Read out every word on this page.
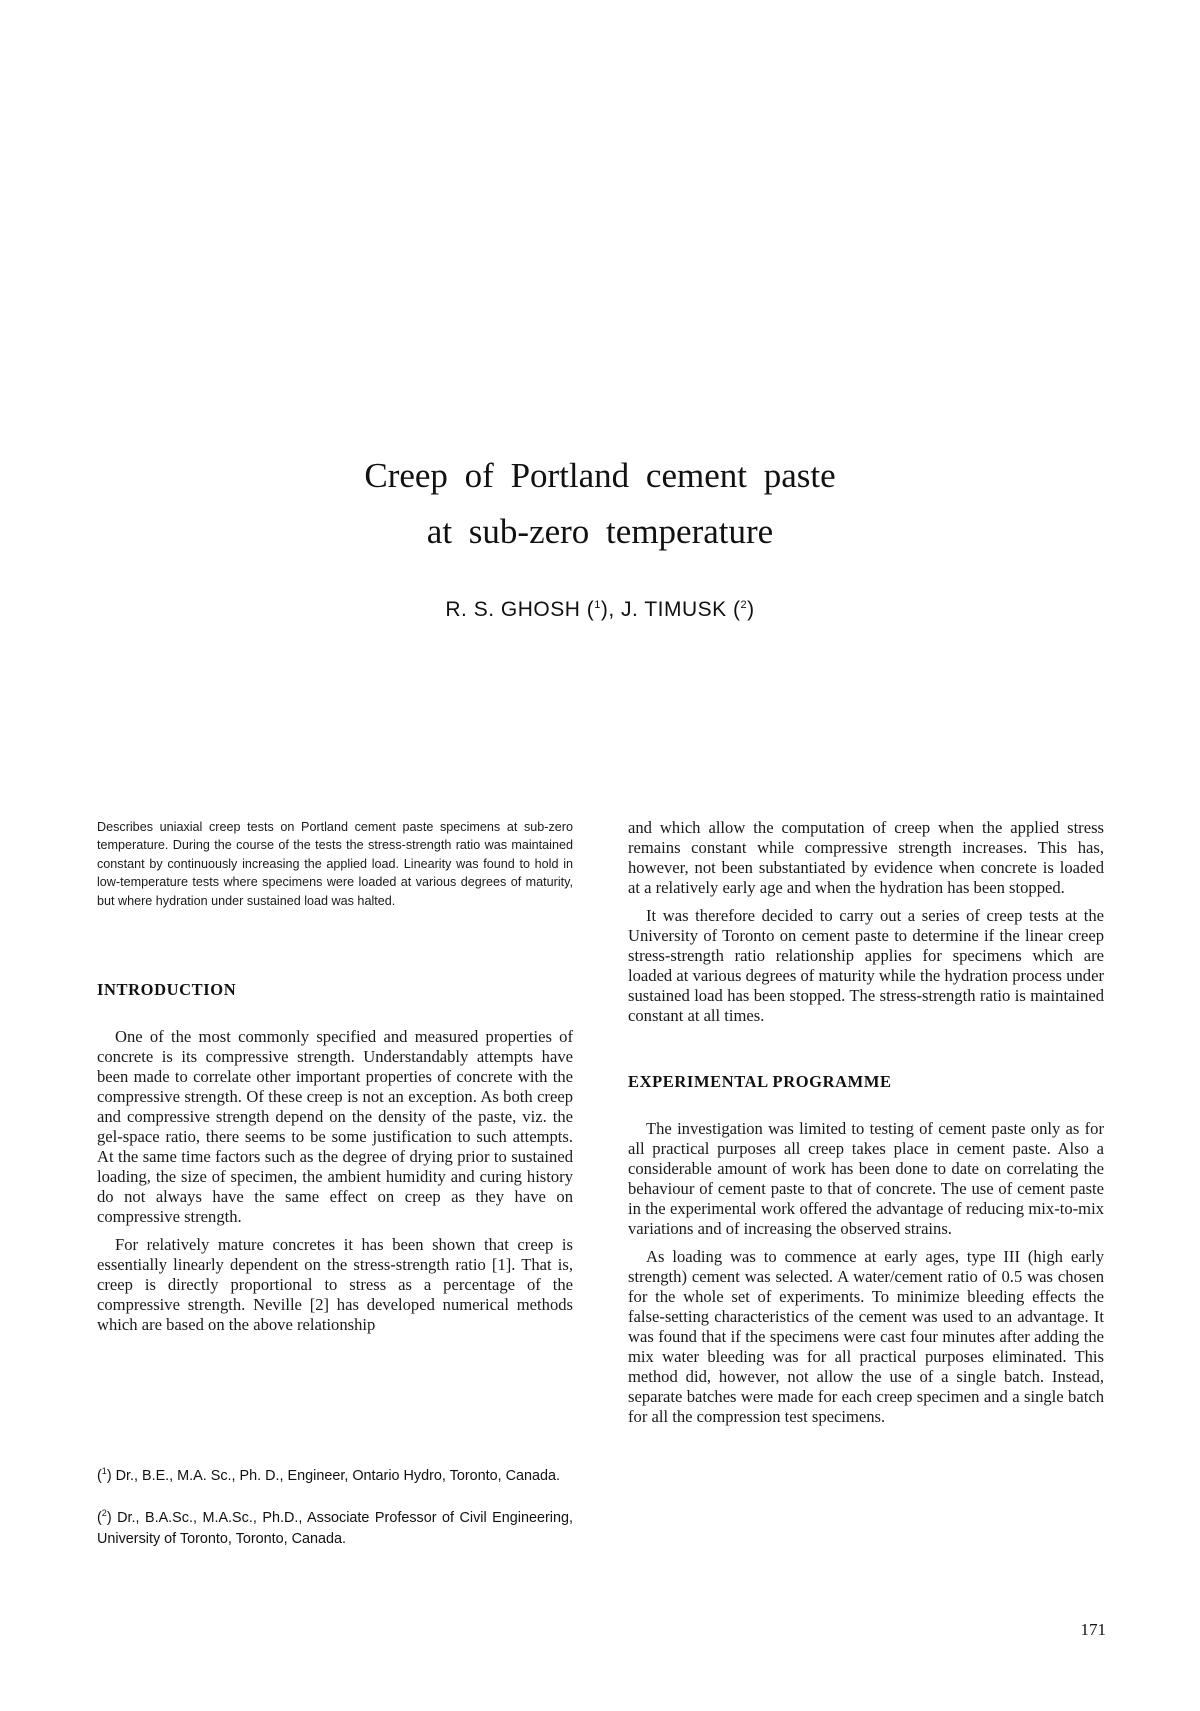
Creep of Portland cement paste
at sub-zero temperature
R. S. GHOSH ($^1$), J. TIMUSK ($^2$)

Describes uniaxial creep tests on Portland cement paste specimens at sub-zero temperature. During the course of the tests the stress-strength ratio was maintained constant by continuously increasing the applied load. Linearity was found to hold in low-temperature tests where specimens were loaded at various degrees of maturity, but where hydration under sustained load was halted.

INTRODUCTION

One of the most commonly specified and measured properties of concrete is its compressive strength. Understandably attempts have been made to correlate other important properties of concrete with the compressive strength. Of these creep is not an exception. As both creep and compressive strength depend on the density of the paste, viz. the gel-space ratio, there seems to be some justification to such attempts. At the same time factors such as the degree of drying prior to sustained loading, the size of specimen, the ambient humidity and curing history do not always have the same effect on creep as they have on compressive strength.

For relatively mature concretes it has been shown that creep is essentially linearly dependent on the stress-strength ratio [1]. That is, creep is directly proportional to stress as a percentage of the compressive strength. Neville [2] has developed numerical methods which are based on the above relationship

and which allow the computation of creep when the applied stress remains constant while compressive strength increases. This has, however, not been substantiated by evidence when concrete is loaded at a relatively early age and when the hydration has been stopped.

It was therefore decided to carry out a series of creep tests at the University of Toronto on cement paste to determine if the linear creep stress-strength ratio relationship applies for specimens which are loaded at various degrees of maturity while the hydration process under sustained load has been stopped. The stress-strength ratio is maintained constant at all times.

EXPERIMENTAL PROGRAMME

The investigation was limited to testing of cement paste only as for all practical purposes all creep takes place in cement paste. Also a considerable amount of work has been done to date on correlating the behaviour of cement paste to that of concrete. The use of cement paste in the experimental work offered the advantage of reducing mix-to-mix variations and of increasing the observed strains.

As loading was to commence at early ages, type III (high early strength) cement was selected. A water/cement ratio of 0.5 was chosen for the whole set of experiments. To minimize bleeding effects the false-setting characteristics of the cement was used to an advantage. It was found that if the specimens were cast four minutes after adding the mix water bleeding was for all practical purposes eliminated. This method did, however, not allow the use of a single batch. Instead, separate batches were made for each creep specimen and a single batch for all the compression test specimens.

($^1$) Dr., B.E., M.A. Sc., Ph. D., Engineer, Ontario Hydro, Toronto, Canada.

($^2$) Dr., B.A.Sc., M.A.Sc., Ph.D., Associate Professor of Civil Engineering, University of Toronto, Toronto, Canada.

171
